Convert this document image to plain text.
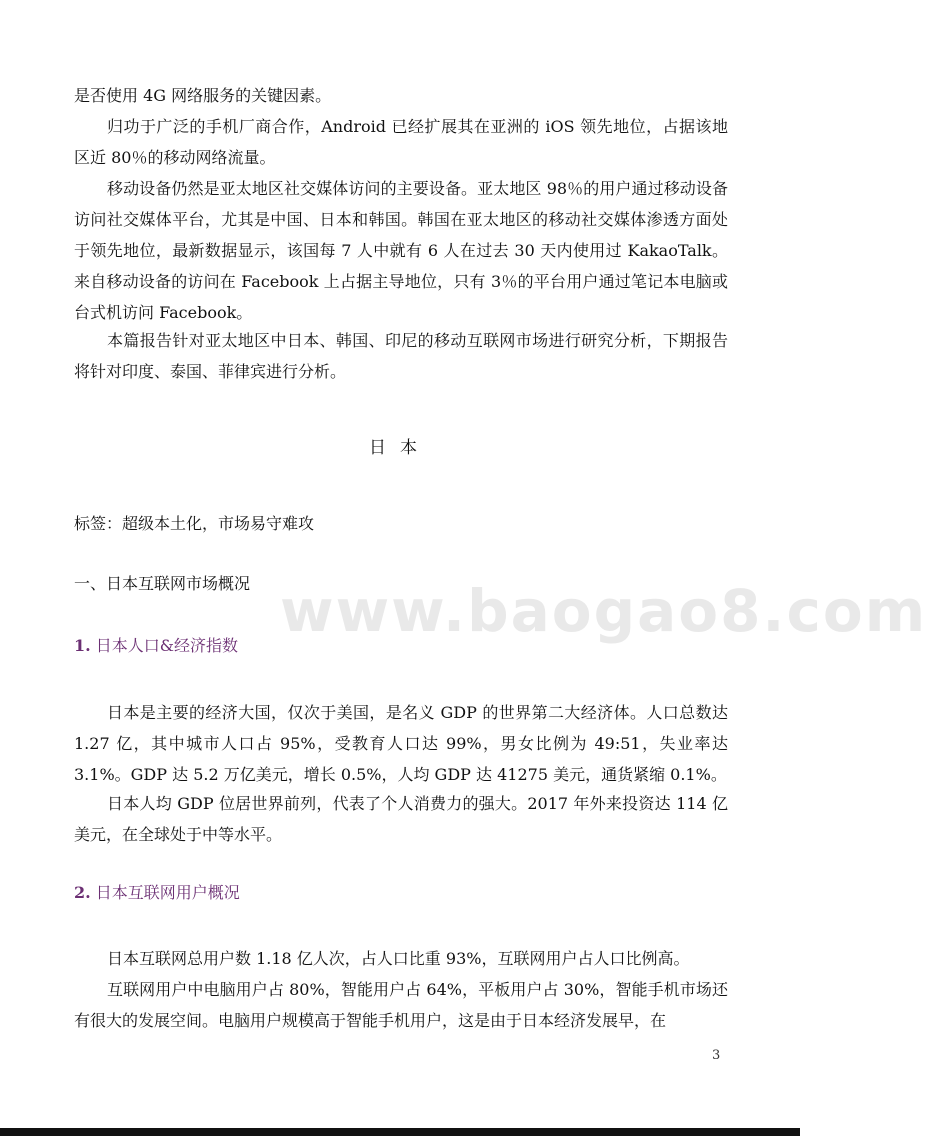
是否使用 4G 网络服务的关键因素。

归功于广泛的手机厂商合作，Android 已经扩展其在亚洲的 iOS 领先地位，占据该地区近 80％的移动网络流量。

移动设备仍然是亚太地区社交媒体访问的主要设备。亚太地区 98％的用户通过移动设备访问社交媒体平台，尤其是中国、日本和韩国。韩国在亚太地区的移动社交媒体渗透方面处于领先地位，最新数据显示，该国每 7 人中就有 6 人在过去 30 天内使用过 KakaoTalk。来自移动设备的访问在 Facebook 上占据主导地位，只有 3％的平台用户通过笔记本电脑或台式机访问 Facebook。

本篇报告针对亚太地区中日本、韩国、印尼的移动互联网市场进行研究分析，下期报告将针对印度、泰国、菲律宾进行分析。

日本

标签：超级本土化，市场易守难攻

一、日本互联网市场概况 www.baogao8.com

1. 日本人口&经济指数

日本是主要的经济大国，仅次于美国，是名义 GDP 的世界第二大经济体。人口总数达 1.27 亿，其中城市人口占 95%，受教育人口达 99%，男女比例为 49:51，失业率达 3.1%。GDP 达 5.2 万亿美元，增长 0.5%，人均 GDP 达 41275 美元，通货紧缩 0.1%。

日本人均 GDP 位居世界前列，代表了个人消费力的强大。2017 年外来投资达 114 亿美元，在全球处于中等水平。

2. 日本互联网用户概况

日本互联网总用户数 1.18 亿人次，占人口比重 93%，互联网用户占人口比例高。

互联网用户中电脑用户占 80%，智能用户占 64%，平板用户占 30%，智能手机市场还有很大的发展空间。电脑用户规模高于智能手机用户，这是由于日本经济发展早，在

3
